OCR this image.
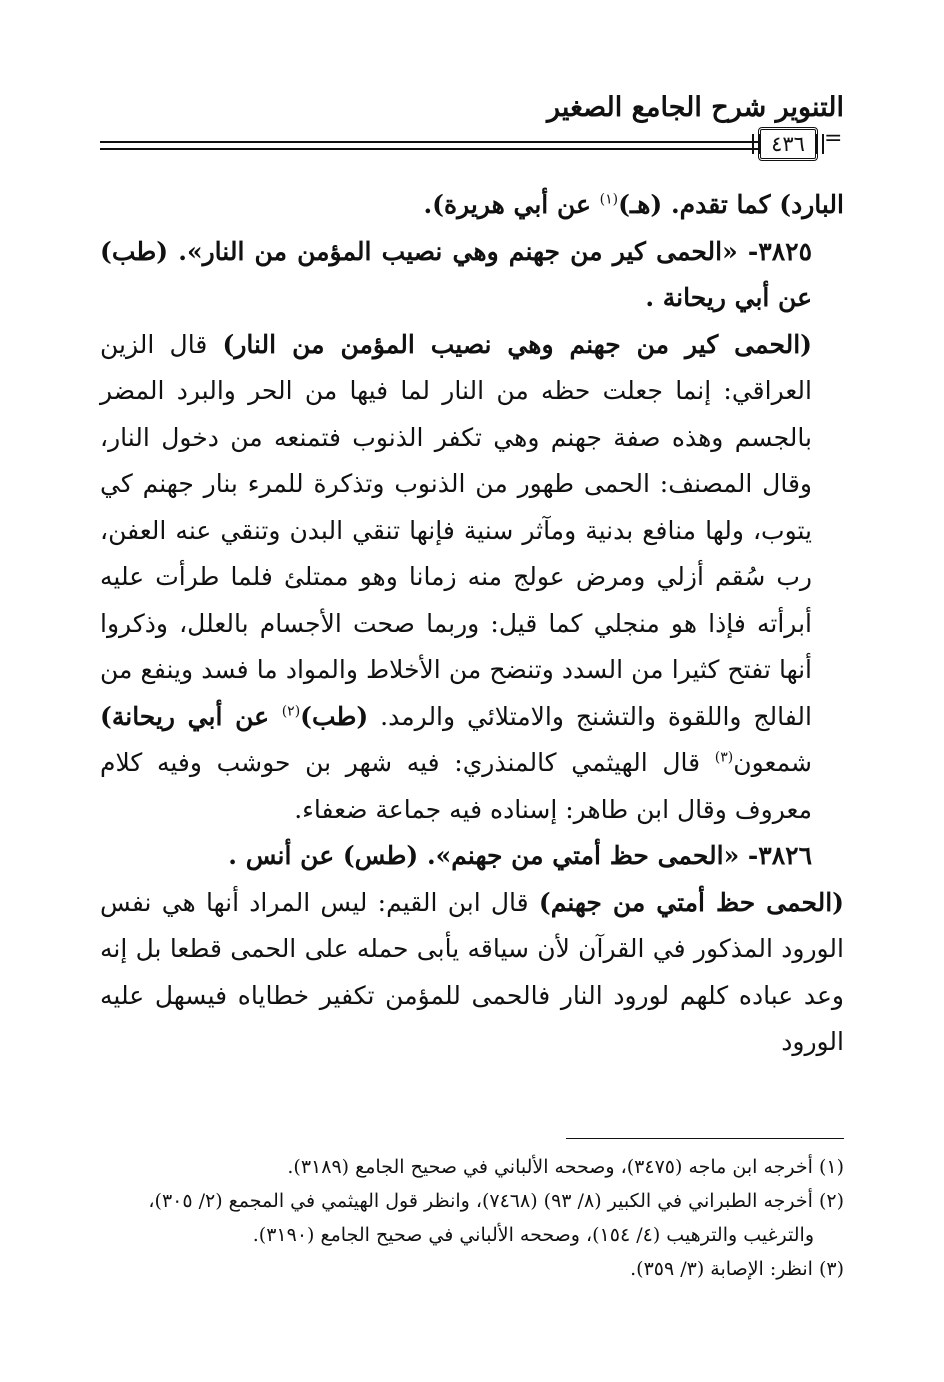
التنوير شرح الجامع الصغير
٤٣٦ =

البارد) كما تقدم. (هـ)$^{(١)}$ عن أبي هريرة).

٣٨٢٥- «الحمى كير من جهنم وهي نصيب المؤمن من النار». (طب) عن أبي ريحانة .

(الحمى كير من جهنم وهي نصيب المؤمن من النار) قال الزين العراقي: إنما جعلت حظه من النار لما فيها من الحر والبرد المضر بالجسم وهذه صفة جهنم وهي تكفر الذنوب فتمنعه من دخول النار، وقال المصنف: الحمى طهور من الذنوب وتذكرة للمرء بنار جهنم كي يتوب، ولها منافع بدنية ومآثر سنية فإنها تنقي البدن وتنقي عنه العفن، رب سُقم أزلي ومرض عولج منه زمانا وهو ممتلئ فلما طرأت عليه أبرأته فإذا هو منجلي كما قيل: وربما صحت الأجسام بالعلل، وذكروا أنها تفتح كثيرا من السدد وتنضح من الأخلاط والمواد ما فسد وينفع من الفالج واللقوة والتشنج والامتلائي والرمد. (طب)$^{(٢)}$ عن أبي ريحانة) شمعون$^{(٣)}$ قال الهيثمي كالمنذري: فيه شهر بن حوشب وفيه كلام معروف وقال ابن طاهر: إسناده فيه جماعة ضعفاء.

٣٨٢٦- «الحمى حظ أمتي من جهنم». (طس) عن أنس .

(الحمى حظ أمتي من جهنم) قال ابن القيم: ليس المراد أنها هي نفس الورود المذكور في القرآن لأن سياقه يأبى حمله على الحمى قطعا بل إنه وعد عباده كلهم لورود النار فالحمى للمؤمن تكفير خطاياه فيسهل عليه الورود

(١) أخرجه ابن ماجه (٣٤٧٥)، وصححه الألباني في صحيح الجامع (٣١٨٩).

(٢) أخرجه الطبراني في الكبير (٨/ ٩٣) (٧٤٦٨)، وانظر قول الهيثمي في المجمع (٢/ ٣٠٥)،

والترغيب والترهيب (٤/ ١٥٤)، وصححه الألباني في صحيح الجامع (٣١٩٠).

(٣) انظر: الإصابة (٣/ ٣٥٩).
